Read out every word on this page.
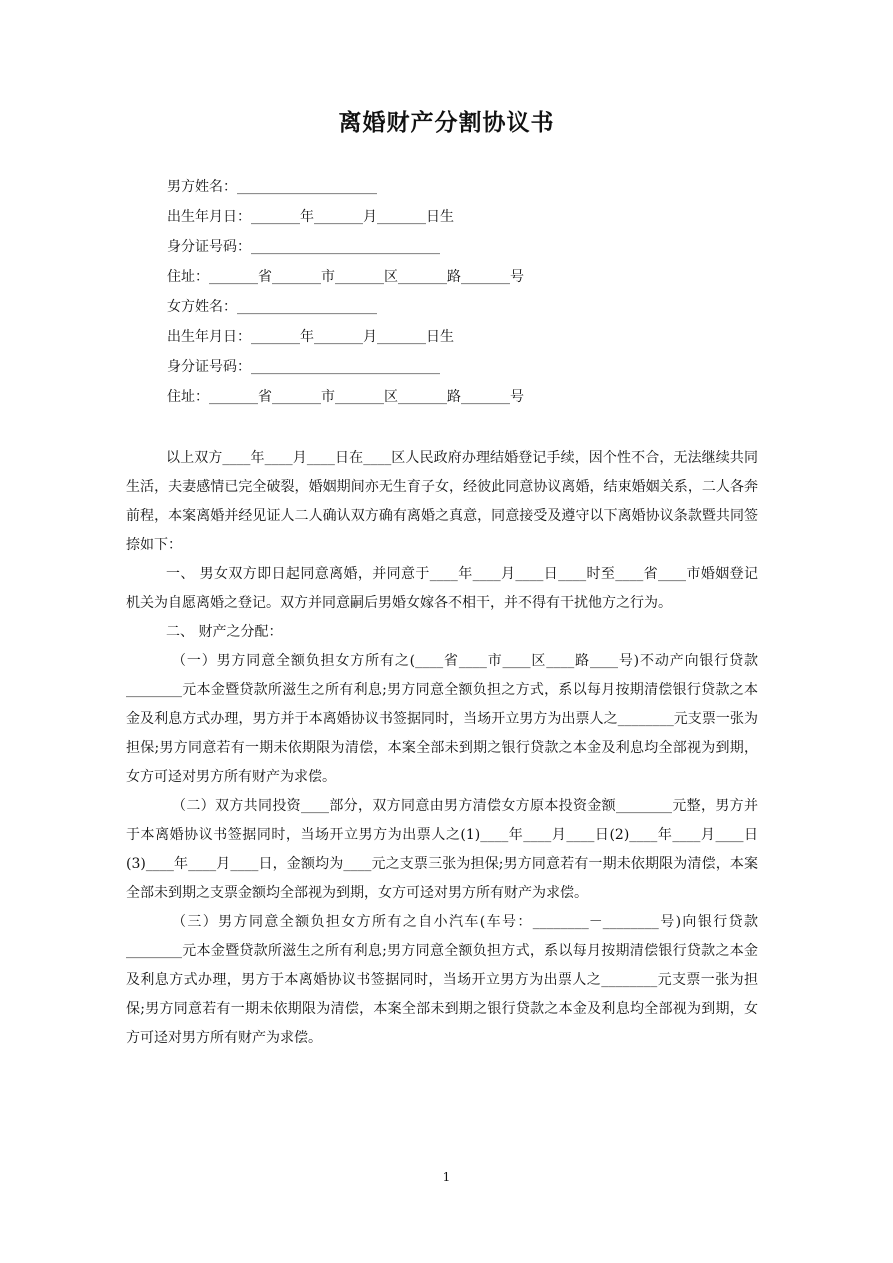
离婚财产分割协议书
男方姓名：____________________
出生年月日：_______年_______月_______日生
身分证号码：___________________________
住址：_______省_______市_______区_______路_______号
女方姓名：____________________
出生年月日：_______年_______月_______日生
身分证号码：___________________________
住址：_______省_______市_______区_______路_______号

以上双方____年____月____日在____区人民政府办理结婚登记手续，因个性不合，无法继续共同生活，夫妻感情已完全破裂，婚姻期间亦无生育子女，经彼此同意协议离婚，结束婚姻关系，二人各奔前程，本案离婚并经见证人二人确认双方确有离婚之真意，同意接受及遵守以下离婚协议条款暨共同签捺如下：

一、 男女双方即日起同意离婚，并同意于____年____月____日____时至____省____市婚姻登记机关为自愿离婚之登记。双方并同意嗣后男婚女嫁各不相干，并不得有干扰他方之行为。

二、 财产之分配：

（一）男方同意全额负担女方所有之(____省____市____区____路____号)不动产向银行贷款________元本金暨贷款所滋生之所有利息;男方同意全额负担之方式，系以每月按期清偿银行贷款之本金及利息方式办理，男方并于本离婚协议书签据同时，当场开立男方为出票人之________元支票一张为担保;男方同意若有一期未依期限为清偿，本案全部未到期之银行贷款之本金及利息均全部视为到期，女方可迳对男方所有财产为求偿。

（二）双方共同投资____部分，双方同意由男方清偿女方原本投资金额________元整，男方并于本离婚协议书签据同时，当场开立男方为出票人之(1)____年____月____日(2)____年____月____日(3)____年____月____日，金额均为____元之支票三张为担保;男方同意若有一期未依期限为清偿，本案全部未到期之支票金额均全部视为到期，女方可迳对男方所有财产为求偿。

（三）男方同意全额负担女方所有之自小汽车(车号：________－________号)向银行贷款________元本金暨贷款所滋生之所有利息;男方同意全额负担方式，系以每月按期清偿银行贷款之本金及利息方式办理，男方于本离婚协议书签据同时，当场开立男方为出票人之________元支票一张为担保;男方同意若有一期未依期限为清偿，本案全部未到期之银行贷款之本金及利息均全部视为到期，女方可迳对男方所有财产为求偿。

1
